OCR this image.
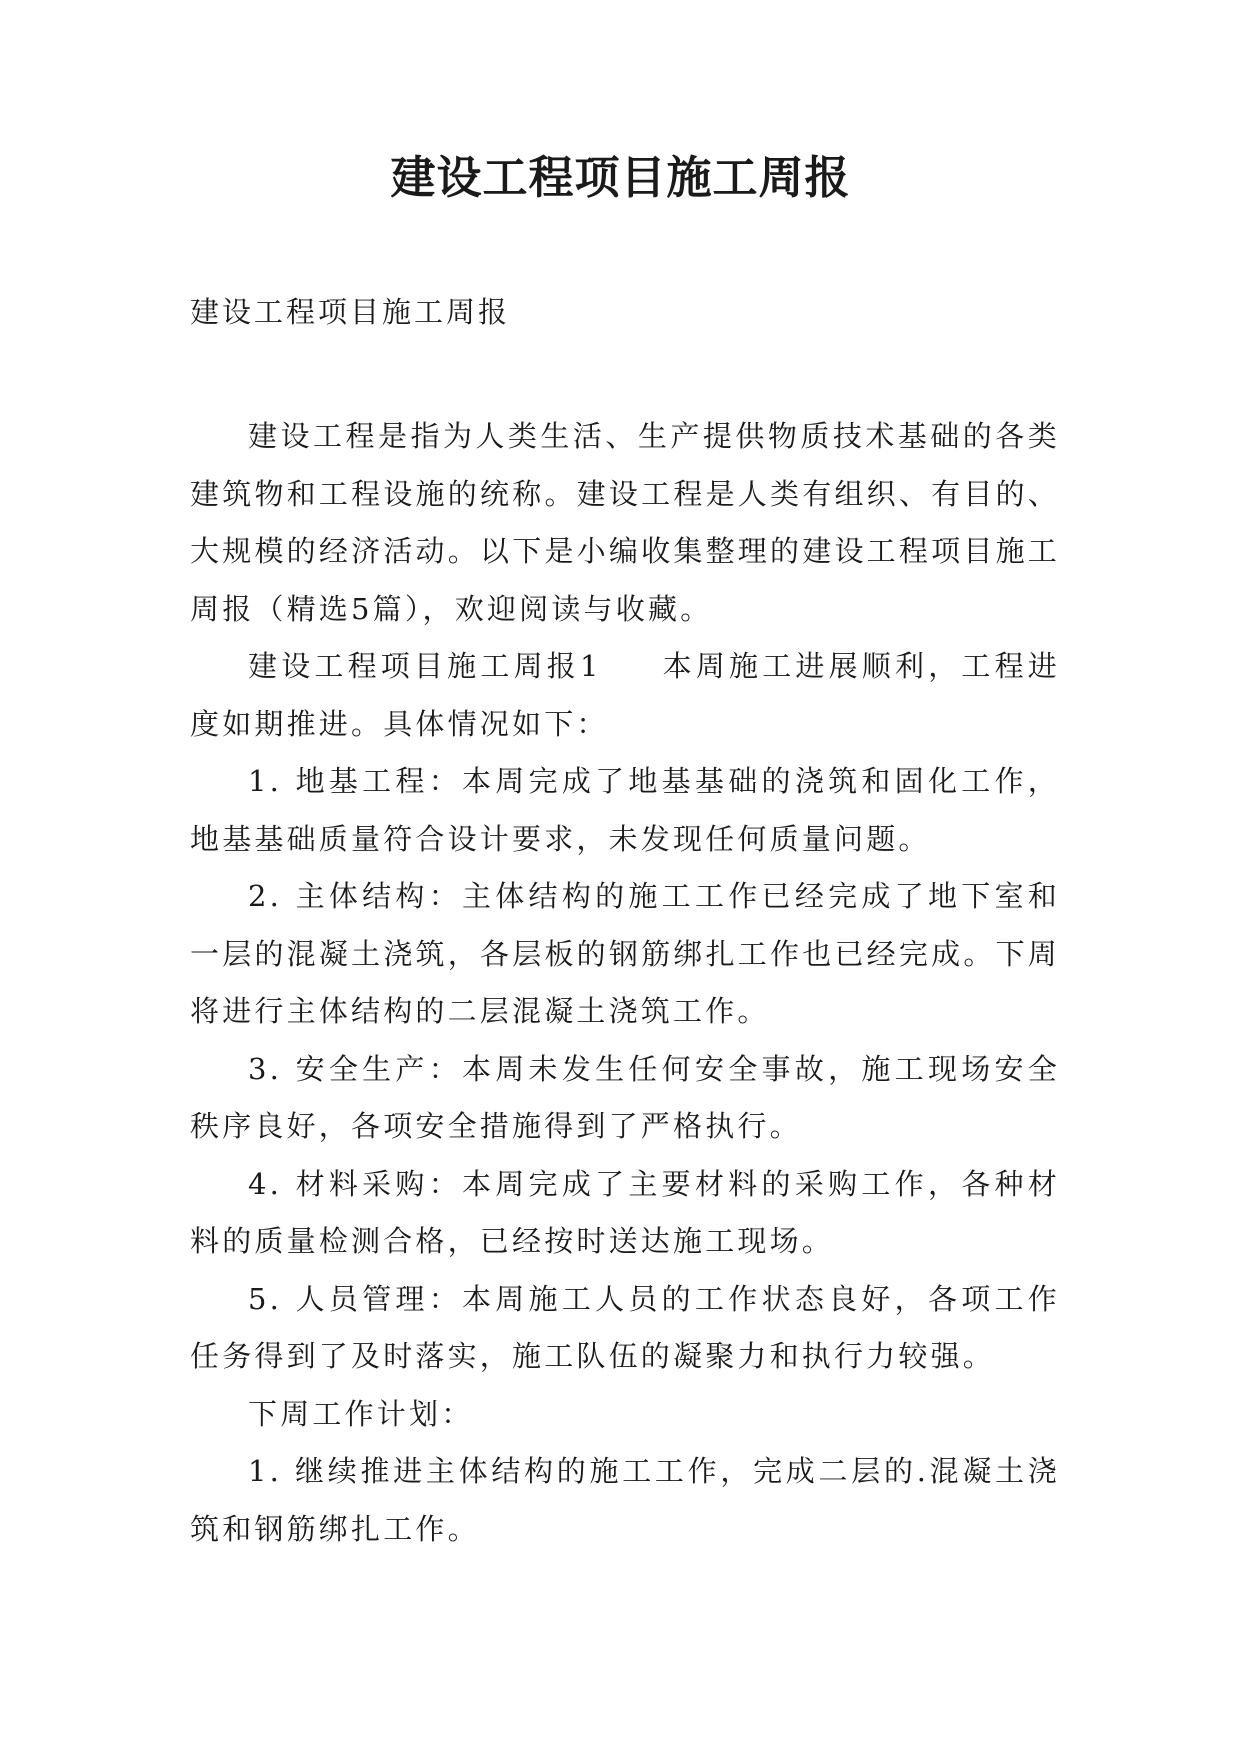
建设工程项目施工周报

建设工程项目施工周报

建设工程是指为人类生活、生产提供物质技术基础的各类建筑物和工程设施的统称。建设工程是人类有组织、有目的、大规模的经济活动。以下是小编收集整理的建设工程项目施工周报（精选5篇），欢迎阅读与收藏。

建设工程项目施工周报1 本周施工进展顺利，工程进度如期推进。具体情况如下：

1. 地基工程：本周完成了地基基础的浇筑和固化工作，地基基础质量符合设计要求，未发现任何质量问题。

2. 主体结构：主体结构的施工工作已经完成了地下室和一层的混凝土浇筑，各层板的钢筋绑扎工作也已经完成。下周将进行主体结构的二层混凝土浇筑工作。

3. 安全生产：本周未发生任何安全事故，施工现场安全秩序良好，各项安全措施得到了严格执行。

4. 材料采购：本周完成了主要材料的采购工作，各种材料的质量检测合格，已经按时送达施工现场。

5. 人员管理：本周施工人员的工作状态良好，各项工作任务得到了及时落实，施工队伍的凝聚力和执行力较强。

下周工作计划：

1. 继续推进主体结构的施工工作，完成二层的.混凝土浇筑和钢筋绑扎工作。
